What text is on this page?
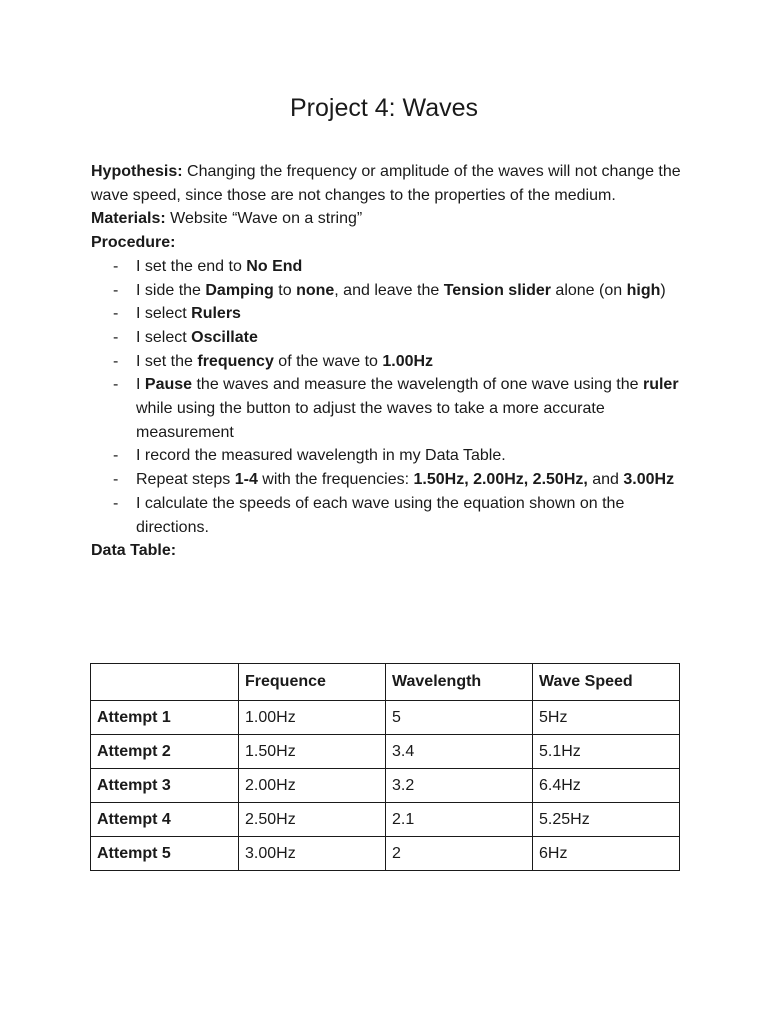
Project 4: Waves

Hypothesis: Changing the frequency or amplitude of the waves will not change the wave speed, since those are not changes to the properties of the medium.

Materials: Website “Wave on a string”

Procedure:

- I set the end to No End
- I side the Damping to none, and leave the Tension slider alone (on high)
- I select Rulers
- I select Oscillate
- I set the frequency of the wave to 1.00Hz
- I Pause the waves and measure the wavelength of one wave using the ruler while using the button to adjust the waves to take a more accurate measurement
- I record the measured wavelength in my Data Table.
- Repeat steps 1-4 with the frequencies: 1.50Hz, 2.00Hz, 2.50Hz, and 3.00Hz
- I calculate the speeds of each wave using the equation shown on the directions.

Data Table:

	Frequence	Wavelength	Wave Speed
Attempt 1	1.00Hz	5	5Hz
Attempt 2	1.50Hz	3.4	5.1Hz
Attempt 3	2.00Hz	3.2	6.4Hz
Attempt 4	2.50Hz	2.1	5.25Hz
Attempt 5	3.00Hz	2	6Hz
